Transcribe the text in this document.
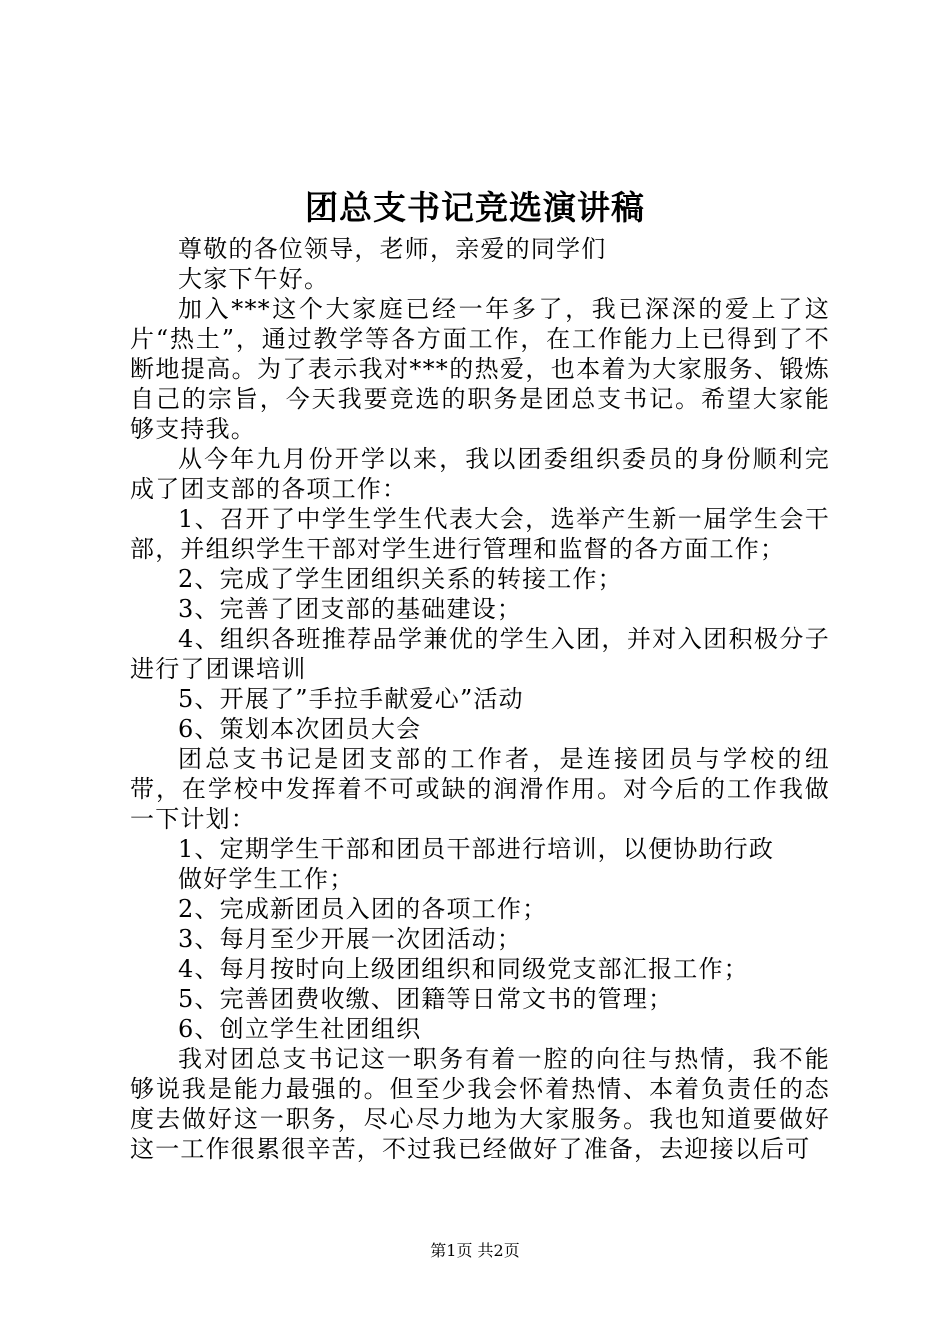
团总支书记竞选演讲稿

尊敬的各位领导，老师，亲爱的同学们

大家下午好。

加入***这个大家庭已经一年多了，我已深深的爱上了这片“热土”，通过教学等各方面工作，在工作能力上已得到了不断地提高。为了表示我对***的热爱，也本着为大家服务、锻炼自己的宗旨，今天我要竞选的职务是团总支书记。希望大家能够支持我。

从今年九月份开学以来，我以团委组织委员的身份顺利完成了团支部的各项工作：

1、召开了中学生学生代表大会，选举产生新一届学生会干部，并组织学生干部对学生进行管理和监督的各方面工作；

2、完成了学生团组织关系的转接工作；

3、完善了团支部的基础建设；

4、组织各班推荐品学兼优的学生入团，并对入团积极分子进行了团课培训

5、开展了”手拉手献爱心”活动

6、策划本次团员大会

团总支书记是团支部的工作者，是连接团员与学校的纽带，在学校中发挥着不可或缺的润滑作用。对今后的工作我做一下计划：

1、定期学生干部和团员干部进行培训，以便协助行政

做好学生工作；

2、完成新团员入团的各项工作；

3、每月至少开展一次团活动；

4、每月按时向上级团组织和同级党支部汇报工作；

5、完善团费收缴、团籍等日常文书的管理；

6、创立学生社团组织

我对团总支书记这一职务有着一腔的向往与热情，我不能够说我是能力最强的。但至少我会怀着热情、本着负责任的态度去做好这一职务，尽心尽力地为大家服务。我也知道要做好这一工作很累很辛苦，不过我已经做好了准备，去迎接以后可

第1页 共2页
